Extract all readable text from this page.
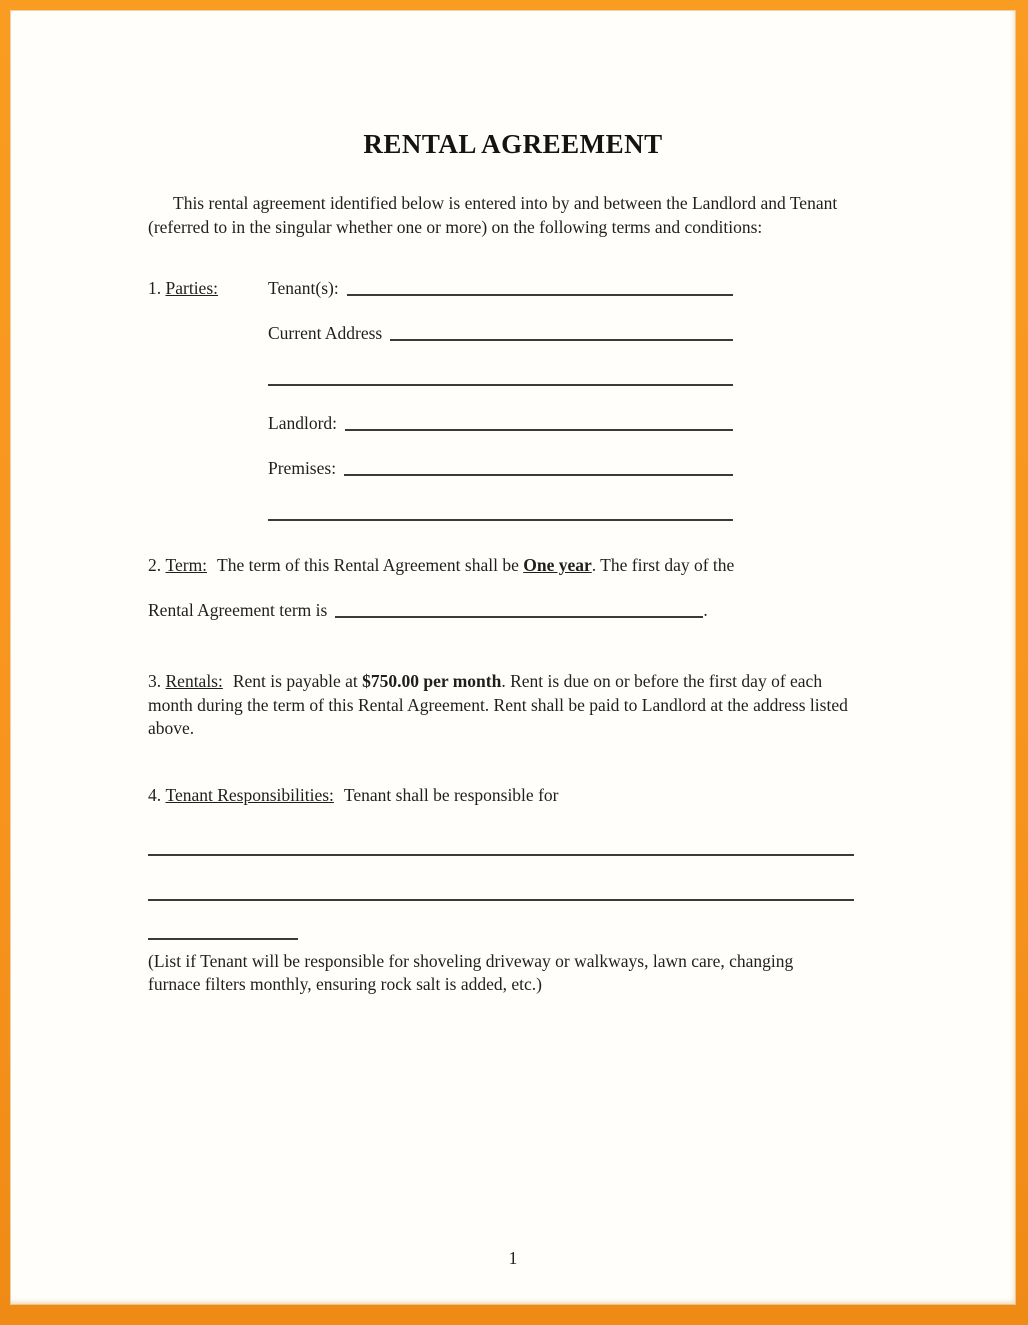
RENTAL AGREEMENT

This rental agreement identified below is entered into by and between the Landlord and Tenant (referred to in the singular whether one or more) on the following terms and conditions:

1. Parties:	Tenant(s):
Current Address
Landlord:
Premises:
2. Term: The term of this Rental Agreement shall be One year. The first day of the
Rental Agreement term is	.

3. Rentals: Rent is payable at $750.00 per month. Rent is due on or before the first day of each month during the term of this Rental Agreement. Rent shall be paid to Landlord at the address listed above.

4. Tenant Responsibilities: Tenant shall be responsible for

(List if Tenant will be responsible for shoveling driveway or walkways, lawn care, changing furnace filters monthly, ensuring rock salt is added, etc.)

1
